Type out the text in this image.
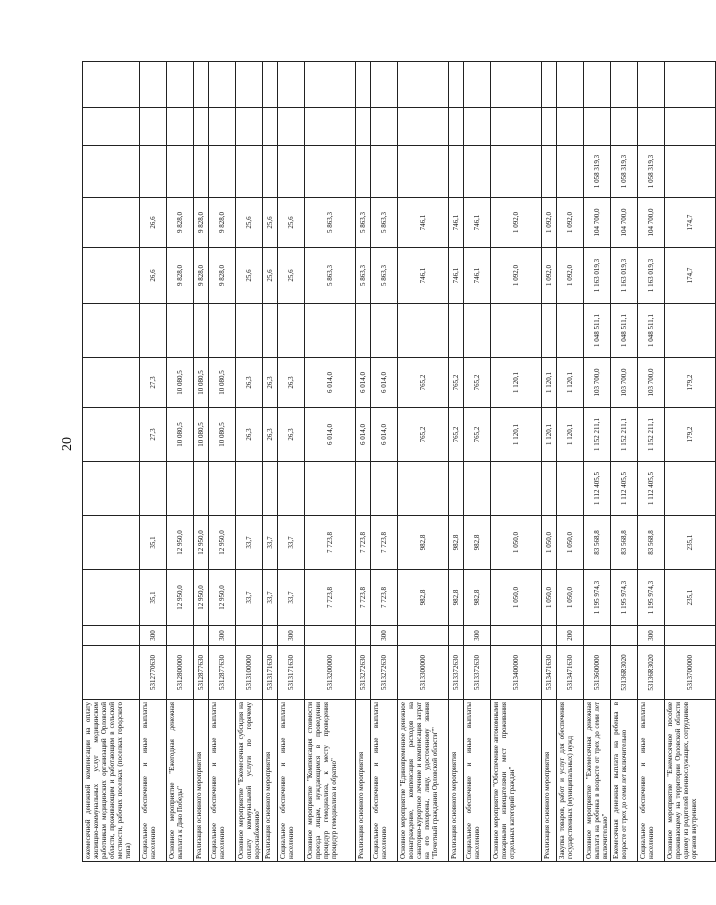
20
ежемесячной денежной компенсации на оплату жилищно-коммунальных услуг медицинским работникам медицинских организаций Орловской области, проживающим и работающим в сельской местности, рабочих поселках (поселках городского типа)													
Социальное обеспечение и иные выплаты населению	5312770630	300	35,1	35,1		27,3	27,3		26,6	26,6			
Основное мероприятие "Ежегодная денежная выплата к Дню Победы"	5312800000		12 950,0	12 950,0		10 080,5	10 080,5		9 828,0	9 828,0			
Реализация основного мероприятия	5312877630		12 950,0	12 950,0		10 080,5	10 080,5		9 828,0	9 828,0			
Социальное обеспечение и иные выплаты населению	5312877630	300	12 950,0	12 950,0		10 080,5	10 080,5		9 828,0	9 828,0			
Основное мероприятие "Ежемесячная субсидия на оплату коммунальной услуги по горячему водоснабжению"	5313100000		33,7	33,7		26,3	26,3		25,6	25,6			
Реализация основного мероприятия	5313171630		33,7	33,7		26,3	26,3		25,6	25,6			
Социальное обеспечение и иные выплаты населению	5313171630	300	33,7	33,7		26,3	26,3		25,6	25,6			
Основное мероприятие "Компенсация стоимости проезда лицам, нуждающимся в проведении процедур гемодиализа, к месту проведения процедур гемодиализа и обратно"	5313200000		7 723,8	7 723,8		6 014,0	6 014,0		5 863,3	5 863,3			
Реализация основного мероприятия	5313272630		7 723,8	7 723,8		6 014,0	6 014,0		5 863,3	5 863,3			
Социальное обеспечение и иные выплаты населению	5313272630	300	7 723,8	7 723,8		6 014,0	6 014,0		5 863,3	5 863,3			
Основное мероприятие "Единовременное денежное вознаграждение, компенсация расходов на санаторно-курортное лечение и компенсация затрат на его похороны, лицу, удостоенному звания "Почетный гражданин Орловской области""	5313300000		982,8	982,8		765,2	765,2		746,1	746,1			
Реализация основного мероприятия	5313372630		982,8	982,8		765,2	765,2		746,1	746,1			
Социальное обеспечение и иные выплаты населению	5313372630	300	982,8	982,8		765,2	765,2		746,1	746,1			
Основное мероприятие "Обеспечение автономными пожарными извещателями мест проживания отдельных категорий граждан"	5313400000		1 050,0	1 050,0		1 120,1	1 120,1		1 092,0	1 092,0			
Реализация основного мероприятия	5313471630		1 050,0	1 050,0		1 120,1	1 120,1		1 092,0	1 092,0			
Закупка товаров, работ и услуг для обеспечения государственных (муниципальных) нужд	5313471630	200	1 050,0	1 050,0		1 120,1	1 120,1		1 092,0	1 092,0			
Основное мероприятие "Ежемесячная денежная выплата на ребенка в возрасте от трех до семи лет включительно"	5313600000		1 195 974,3	83 568,8	1 112 405,5	1 152 211,1	103 700,0	1 048 511,1	1 163 019,3	104 700,0	1 058 319,3		
Ежемесячная денежная выплата на ребенка в возрасте от трех до семи лет включительно	53136R3020		1 195 974,3	83 568,8	1 112 405,5	1 152 211,1	103 700,0	1 048 511,1	1 163 019,3	104 700,0	1 058 319,3		
Социальное обеспечение и иные выплаты населению	53136R3020	300	1 195 974,3	83 568,8	1 112 405,5	1 152 211,1	103 700,0	1 048 511,1	1 163 019,3	104 700,0	1 058 319,3		
Основное мероприятие "Ежемесячное пособие проживающему на территории Орловской области одному из родителей военнослужащих, сотрудников органов внутренних	5313700000		235,1	235,1		179,2	179,2		174,7	174,7			
